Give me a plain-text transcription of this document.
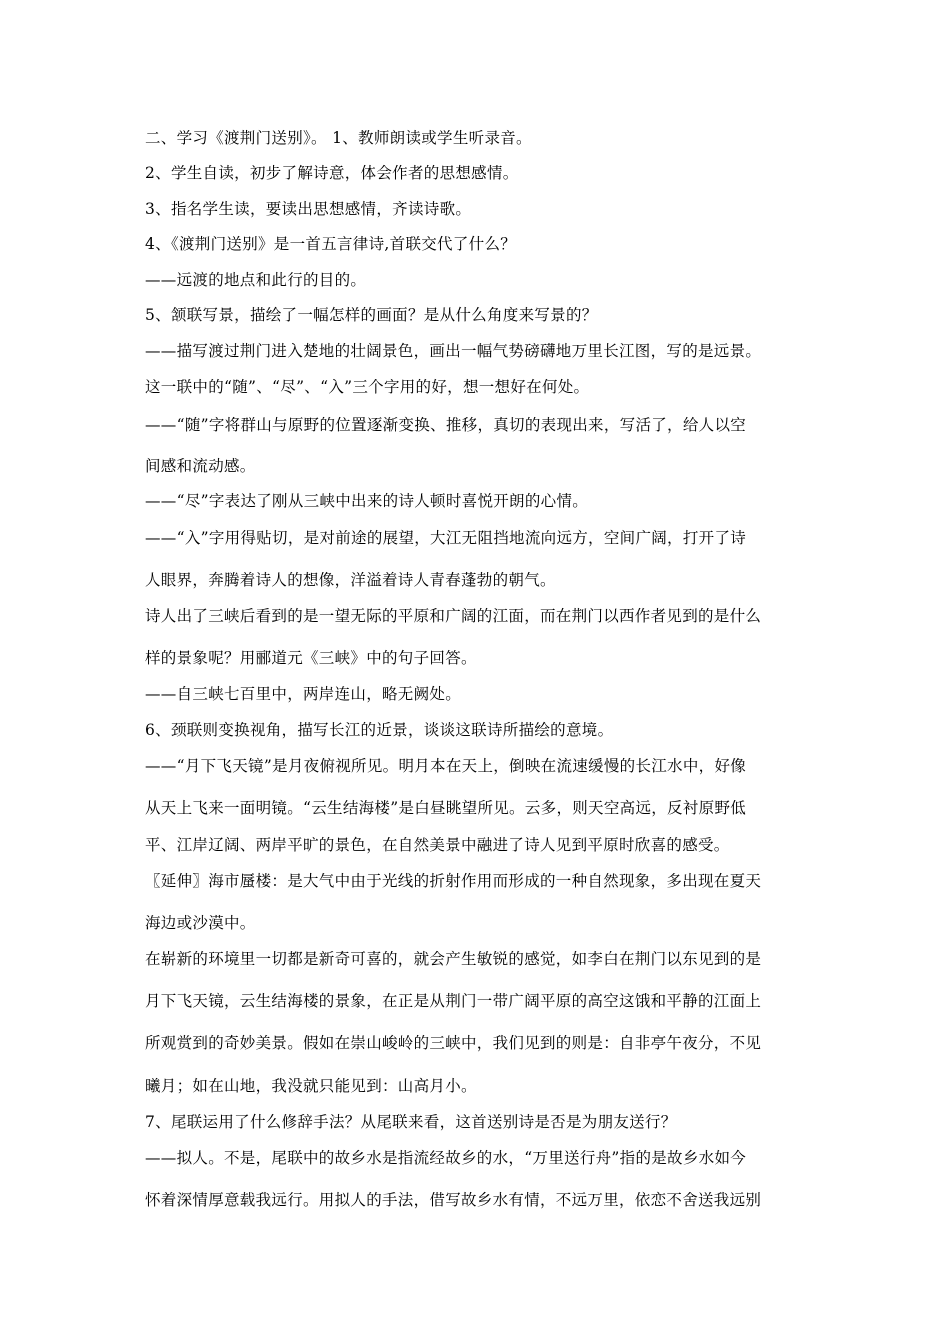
二、学习《渡荆门送别》。 1、教师朗读或学生听录音。
2、学生自读，初步了解诗意，体会作者的思想感情。
3、指名学生读，要读出思想感情，齐读诗歌。
4、《渡荆门送别》是一首五言律诗,首联交代了什么？
——远渡的地点和此行的目的。
5、颔联写景，描绘了一幅怎样的画面？是从什么角度来写景的？
——描写渡过荆门进入楚地的壮阔景色，画出一幅气势磅礴地万里长江图，写的是远景。
这一联中的“随”、“尽”、“入”三个字用的好，想一想好在何处。
——“随”字将群山与原野的位置逐渐变换、推移，真切的表现出来，写活了，给人以空
间感和流动感。
——“尽”字表达了刚从三峡中出来的诗人顿时喜悦开朗的心情。
——“入”字用得贴切，是对前途的展望，大江无阻挡地流向远方，空间广阔，打开了诗
人眼界，奔腾着诗人的想像，洋溢着诗人青春蓬勃的朝气。
诗人出了三峡后看到的是一望无际的平原和广阔的江面，而在荆门以西作者见到的是什么
样的景象呢？用郦道元《三峡》中的句子回答。
——自三峡七百里中，两岸连山，略无阙处。
6、颈联则变换视角，描写长江的近景，谈谈这联诗所描绘的意境。
——“月下飞天镜”是月夜俯视所见。明月本在天上，倒映在流速缓慢的长江水中，好像
从天上飞来一面明镜。“云生结海楼”是白昼眺望所见。云多，则天空高远，反衬原野低
平、江岸辽阔、两岸平旷的景色，在自然美景中融进了诗人见到平原时欣喜的感受。
〖延伸〗海市蜃楼：是大气中由于光线的折射作用而形成的一种自然现象，多出现在夏天
海边或沙漠中。
在崭新的环境里一切都是新奇可喜的，就会产生敏锐的感觉，如李白在荆门以东见到的是
月下飞天镜，云生结海楼的景象，在正是从荆门一带广阔平原的高空这饿和平静的江面上
所观赏到的奇妙美景。假如在崇山峻岭的三峡中，我们见到的则是：自非亭午夜分，不见
曦月；如在山地，我没就只能见到：山高月小。
7、尾联运用了什么修辞手法？从尾联来看，这首送别诗是否是为朋友送行？
——拟人。不是，尾联中的故乡水是指流经故乡的水，“万里送行舟”指的是故乡水如今
怀着深情厚意载我远行。用拟人的手法，借写故乡水有情，不远万里，依恋不舍送我远别
